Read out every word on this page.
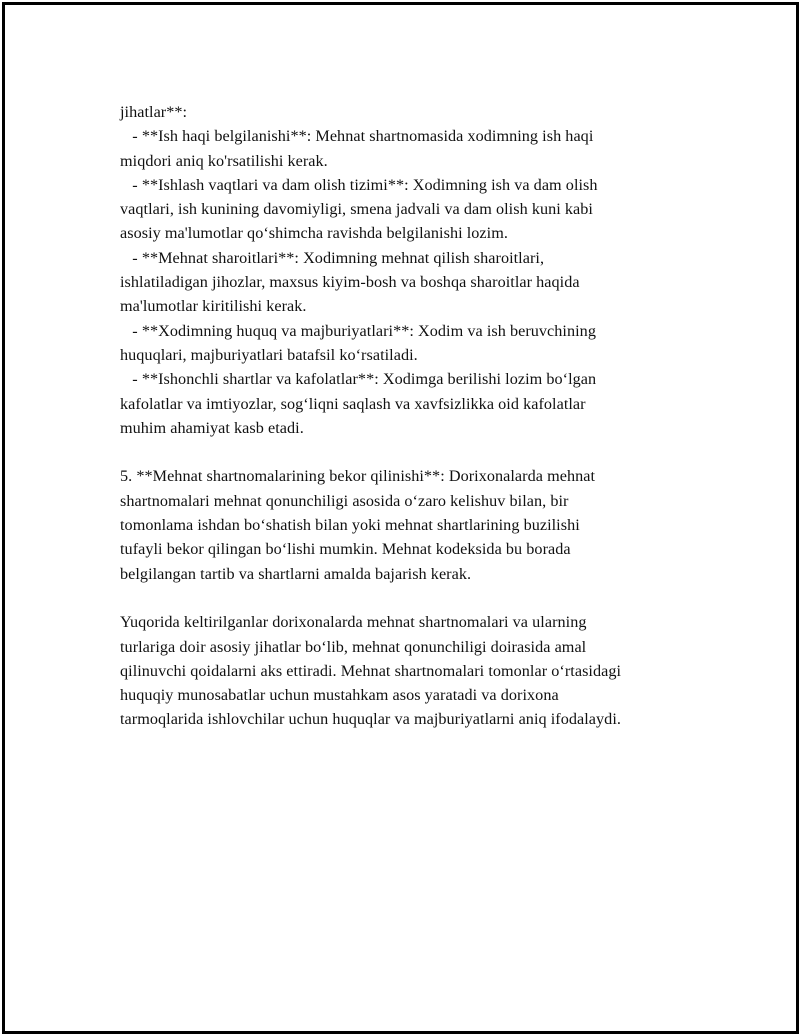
jihatlar**:
- **Ish haqi belgilanishi**: Mehnat shartnomasida xodimning ish haqi
miqdori aniq ko'rsatilishi kerak.
- **Ishlash vaqtlari va dam olish tizimi**: Xodimning ish va dam olish
vaqtlari, ish kunining davomiyligi, smena jadvali va dam olish kuni kabi
asosiy ma'lumotlar qo‘shimcha ravishda belgilanishi lozim.
- **Mehnat sharoitlari**: Xodimning mehnat qilish sharoitlari,
ishlatiladigan jihozlar, maxsus kiyim-bosh va boshqa sharoitlar haqida
ma'lumotlar kiritilishi kerak.
- **Xodimning huquq va majburiyatlari**: Xodim va ish beruvchining
huquqlari, majburiyatlari batafsil ko‘rsatiladi.
- **Ishonchli shartlar va kafolatlar**: Xodimga berilishi lozim bo‘lgan
kafolatlar va imtiyozlar, sog‘liqni saqlash va xavfsizlikka oid kafolatlar
muhim ahamiyat kasb etadi.
5. **Mehnat shartnomalarining bekor qilinishi**: Dorixonalarda mehnat
shartnomalari mehnat qonunchiligi asosida o‘zaro kelishuv bilan, bir
tomonlama ishdan bo‘shatish bilan yoki mehnat shartlarining buzilishi
tufayli bekor qilingan bo‘lishi mumkin. Mehnat kodeksida bu borada
belgilangan tartib va shartlarni amalda bajarish kerak.
Yuqorida keltirilganlar dorixonalarda mehnat shartnomalari va ularning
turlariga doir asosiy jihatlar bo‘lib, mehnat qonunchiligi doirasida amal
qilinuvchi qoidalarni aks ettiradi. Mehnat shartnomalari tomonlar o‘rtasidagi
huquqiy munosabatlar uchun mustahkam asos yaratadi va dorixona
tarmoqlarida ishlovchilar uchun huquqlar va majburiyatlarni aniq ifodalaydi.
